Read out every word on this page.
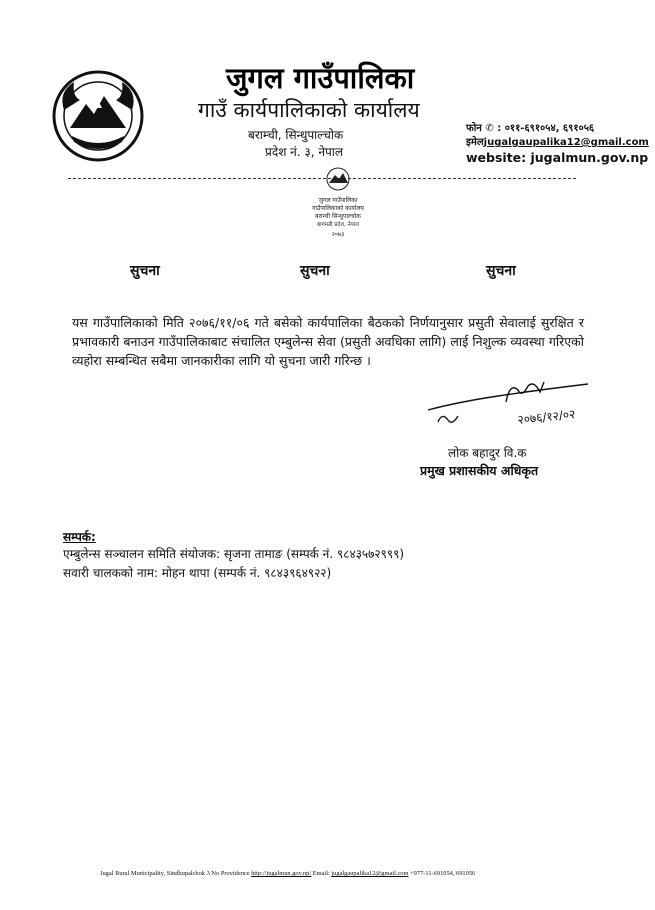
जुगल गाउँपालिका
गाउँ कार्यपालिकाको कार्यालय
बराम्ची, सिन्धुपाल्चोक
प्रदेश नं. ३, नेपाल
फोन ✆ : ०११-६९१०५४, ६९१०५६
इमेलjugalgaupalika12@gmail.com
website: jugalmun.gov.np
जुगल गाउँपालिका
गाउँपालिकाको कार्यालय
बराम्ची सिन्धुपाल्चोक
बागमती प्रदेश, नेपाल
२०७३
सुचना	सुचना	सुचना
यस गाउँपालिकाको मिति २०७६/११/०६ गते बसेको कार्यपालिका बैठकको निर्णयानुसार प्रसुती सेवालाई सुरक्षित र प्रभावकारी बनाउन गाउँपालिकाबाट संचालित एम्बुलेन्स सेवा (प्रसुती अवधिका लागि) लाई निशुल्क व्यवस्था गरिएको व्यहोरा सम्बन्धित सबैमा जानकारीका लागि यो सुचना जारी गरिन्छ ।
२०७६/१२/०२
लोक बहादुर वि.क
प्रमुख प्रशासकीय अधिकृत
सम्पर्क:
एम्बुलेन्स सञ्चालन समिति संयोजक: सृजना तामाङ (सम्पर्क नं. ९८४३५७२९९९)
सवारी चालकको नाम: मोहन थापा (सम्पर्क नं. ९८४३९६४९२२)
Jugal Rural Municipality, Sindhupalchok 3 No Providence http://jugalmun.gov.np/ Email: jugalgaupalika12@gmail.com +977-11-691054, 691056
